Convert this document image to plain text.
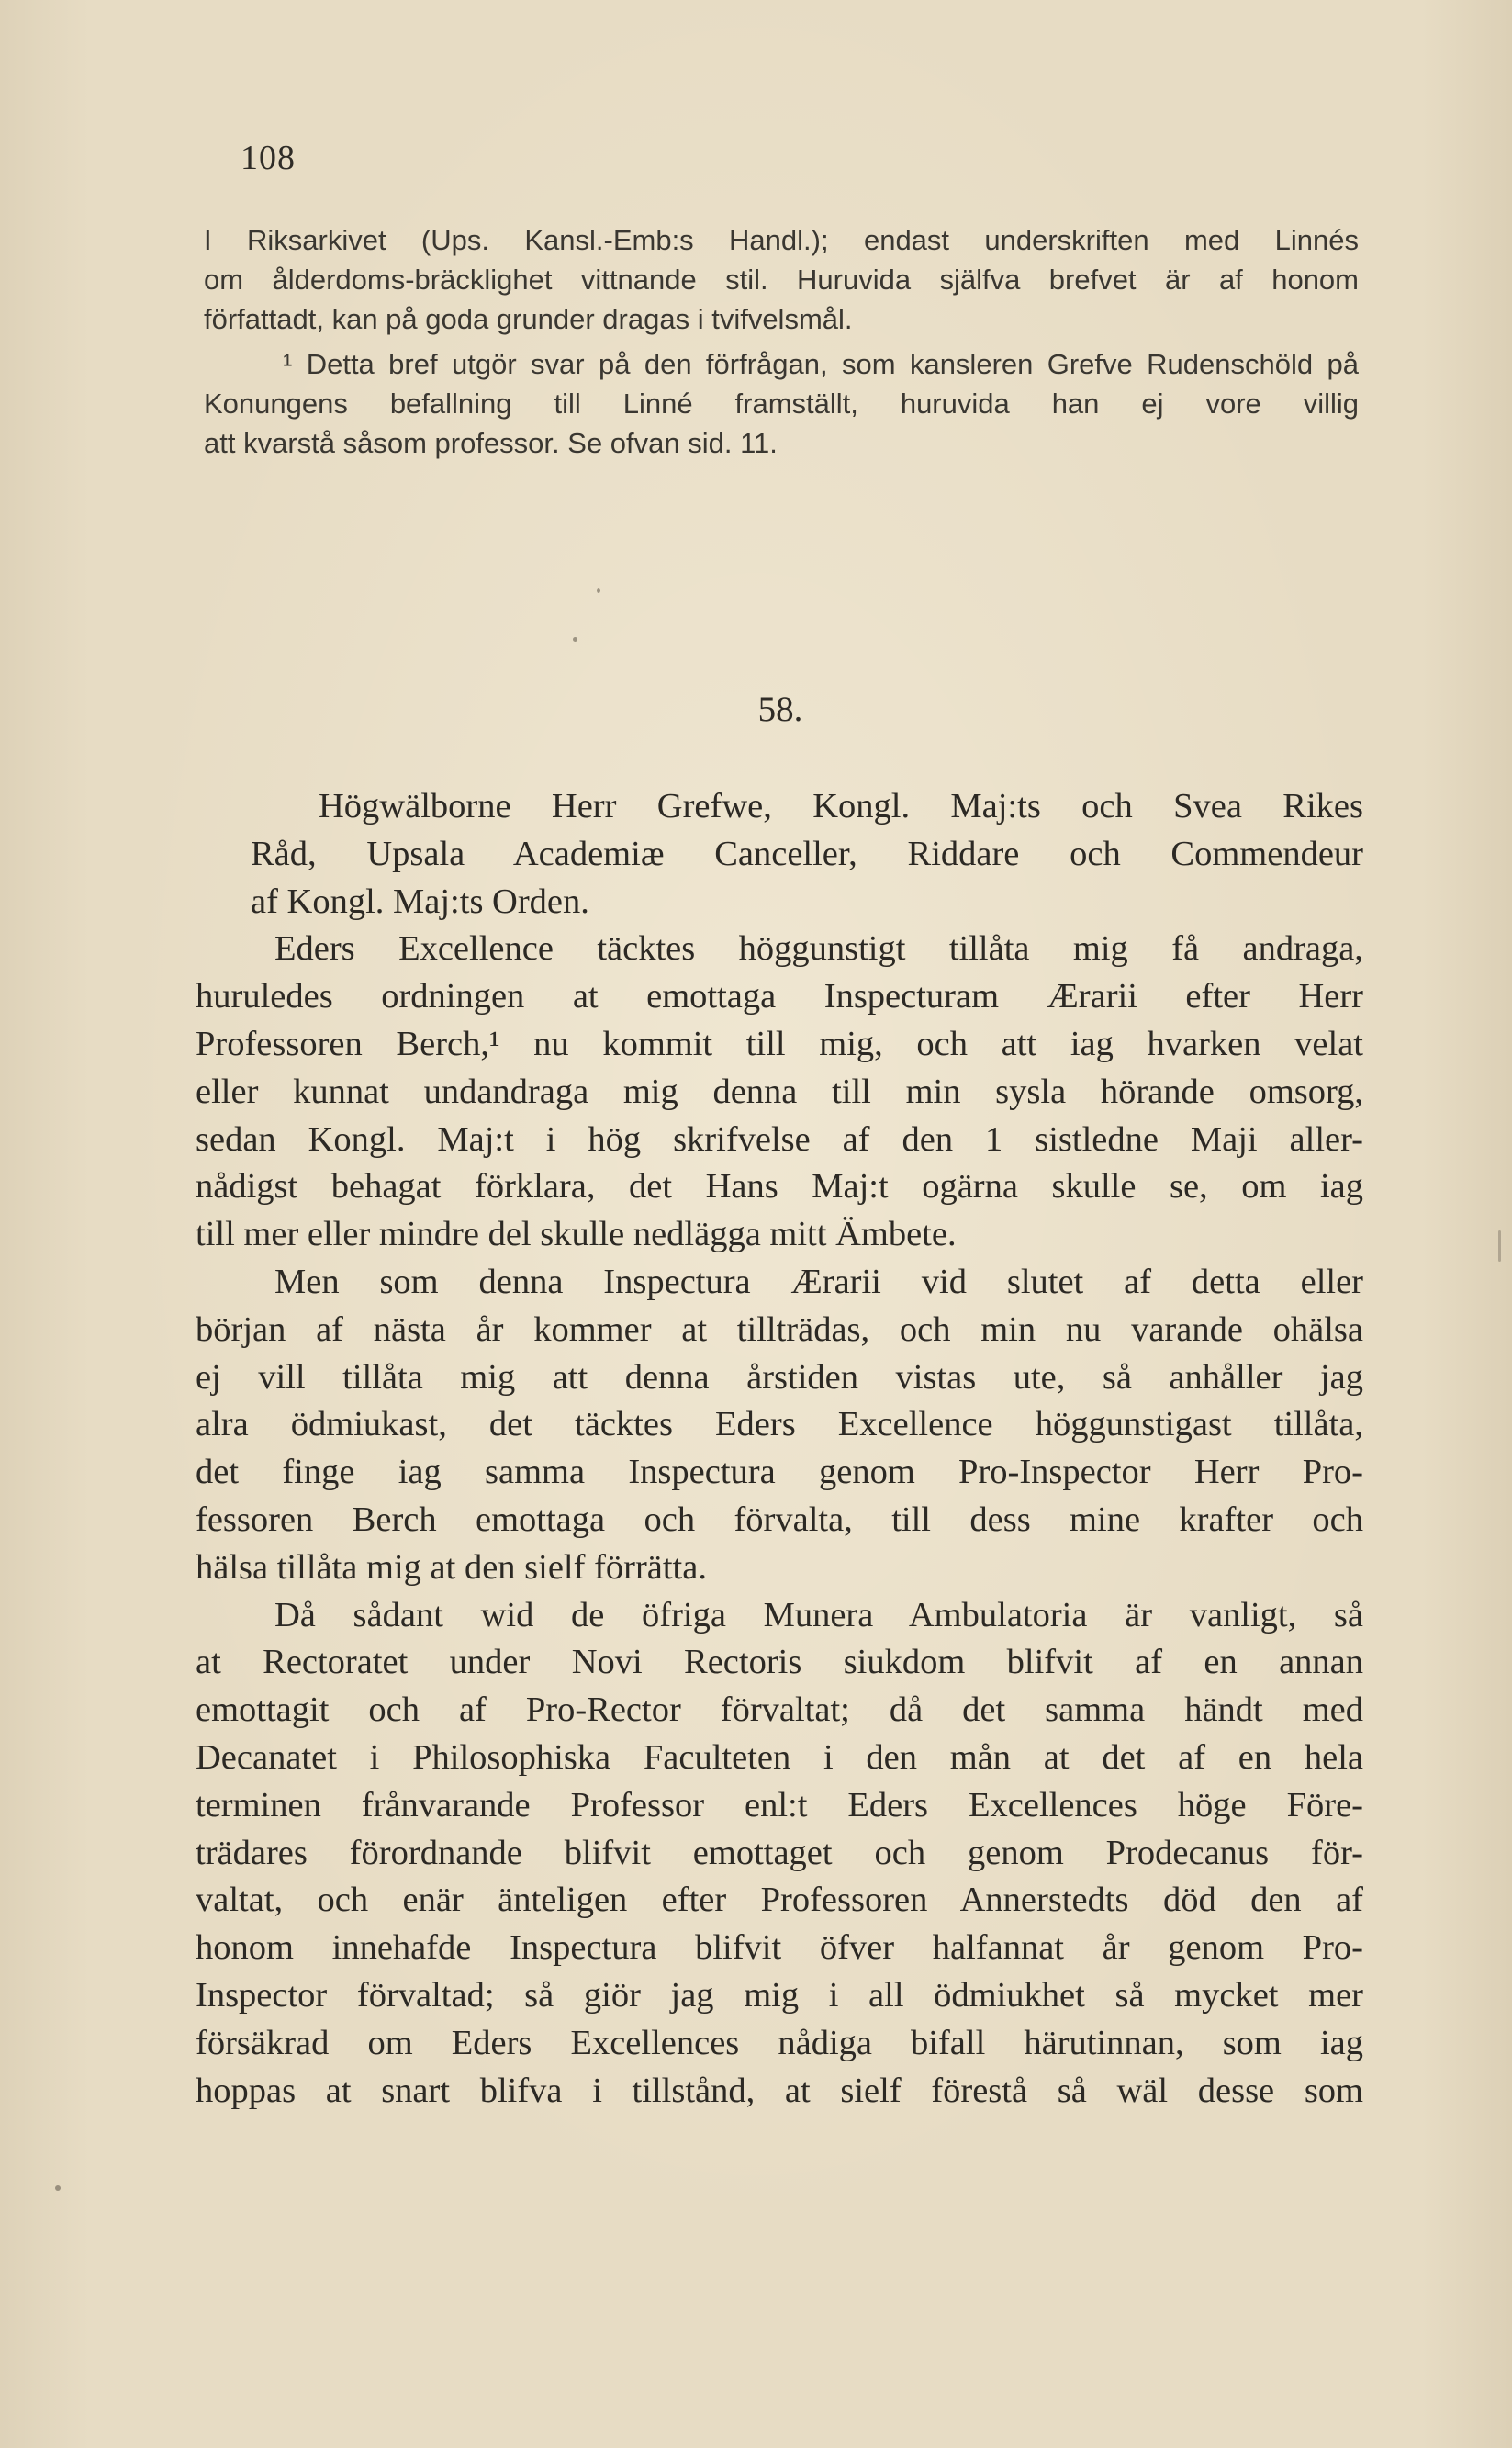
108
I Riksarkivet (Ups. Kansl.-Emb:s Handl.); endast underskriften med Linnés
om ålderdoms-bräcklighet vittnande stil. Huruvida själfva brefvet är af honom
författadt, kan på goda grunder dragas i tvifvelsmål.
¹ Detta bref utgör svar på den förfrågan, som kansleren Grefve Rudenschöld på
Konungens befallning till Linné framställt, huruvida han ej vore villig
att kvarstå såsom professor. Se ofvan sid. 11.
58.
Högwälborne Herr Grefwe, Kongl. Maj:ts och Svea Rikes
Råd, Upsala Academiæ Canceller, Riddare och Commendeur
af Kongl. Maj:ts Orden.
Eders Excellence täcktes höggunstigt tillåta mig få andraga,
huruledes ordningen at emottaga Inspecturam Ærarii efter Herr
Professoren Berch,¹ nu kommit till mig, och att iag hvarken velat
eller kunnat undandraga mig denna till min sysla hörande omsorg,
sedan Kongl. Maj:t i hög skrifvelse af den 1 sistledne Maji aller-
nådigst behagat förklara, det Hans Maj:t ogärna skulle se, om iag
till mer eller mindre del skulle nedlägga mitt Ämbete.
Men som denna Inspectura Ærarii vid slutet af detta eller
början af nästa år kommer at tillträdas, och min nu varande ohälsa
ej vill tillåta mig att denna årstiden vistas ute, så anhåller jag
alra ödmiukast, det täcktes Eders Excellence höggunstigast tillåta,
det finge iag samma Inspectura genom Pro-Inspector Herr Pro-
fessoren Berch emottaga och förvalta, till dess mine krafter och
hälsa tillåta mig at den sielf förrätta.
Då sådant wid de öfriga Munera Ambulatoria är vanligt, så
at Rectoratet under Novi Rectoris siukdom blifvit af en annan
emottagit och af Pro-Rector förvaltat; då det samma händt med
Decanatet i Philosophiska Faculteten i den mån at det af en hela
terminen frånvarande Professor enl:t Eders Excellences höge Före-
trädares förordnande blifvit emottaget och genom Prodecanus för-
valtat, och enär änteligen efter Professoren Annerstedts död den af
honom innehafde Inspectura blifvit öfver halfannat år genom Pro-
Inspector förvaltad; så giör jag mig i all ödmiukhet så mycket mer
försäkrad om Eders Excellences nådiga bifall härutinnan, som iag
hoppas at snart blifva i tillstånd, at sielf förestå så wäl desse som
